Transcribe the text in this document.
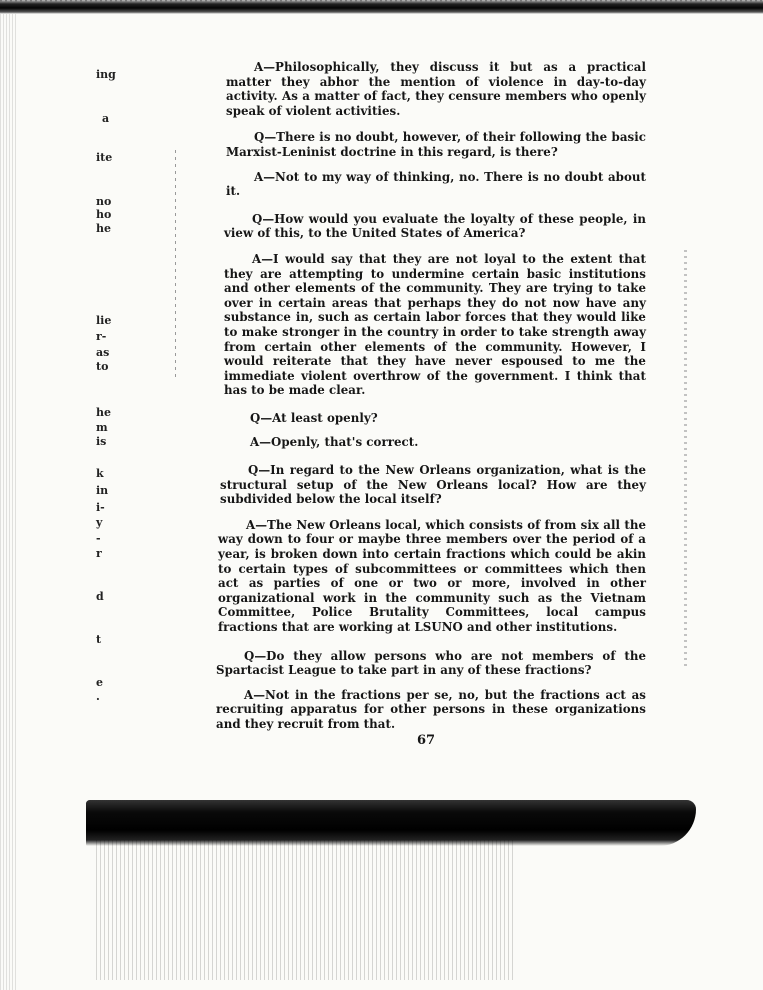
ing
a
ite
no
ho
he
lie
r-
as
to
he
m
is
k
in
i-
y
-
r
d
t
e
.

A—Philosophically, they discuss it but as a practical matter they abhor the mention of violence in day-to-day activity. As a matter of fact, they censure members who openly speak of violent activities.

Q—There is no doubt, however, of their following the basic Marxist-Leninist doctrine in this regard, is there?

A—Not to my way of thinking, no. There is no doubt about it.

Q—How would you evaluate the loyalty of these people, in view of this, to the United States of America?

A—I would say that they are not loyal to the extent that they are attempting to undermine certain basic institutions and other elements of the community. They are trying to take over in certain areas that perhaps they do not now have any substance in, such as certain labor forces that they would like to make stronger in the country in order to take strength away from certain other elements of the community. However, I would reiterate that they have never espoused to me the immediate violent overthrow of the government. I think that has to be made clear.

Q—At least openly?

A—Openly, that's correct.

Q—In regard to the New Orleans organization, what is the structural setup of the New Orleans local? How are they subdivided below the local itself?

A—The New Orleans local, which consists of from six all the way down to four or maybe three members over the period of a year, is broken down into certain fractions which could be akin to certain types of subcommittees or committees which then act as parties of one or two or more, involved in other organizational work in the community such as the Vietnam Committee, Police Brutality Committees, local campus fractions that are working at LSUNO and other institutions.

Q—Do they allow persons who are not members of the Spartacist League to take part in any of these fractions?

A—Not in the fractions per se, no, but the fractions act as recruiting apparatus for other persons in these organizations and they recruit from that.

67
